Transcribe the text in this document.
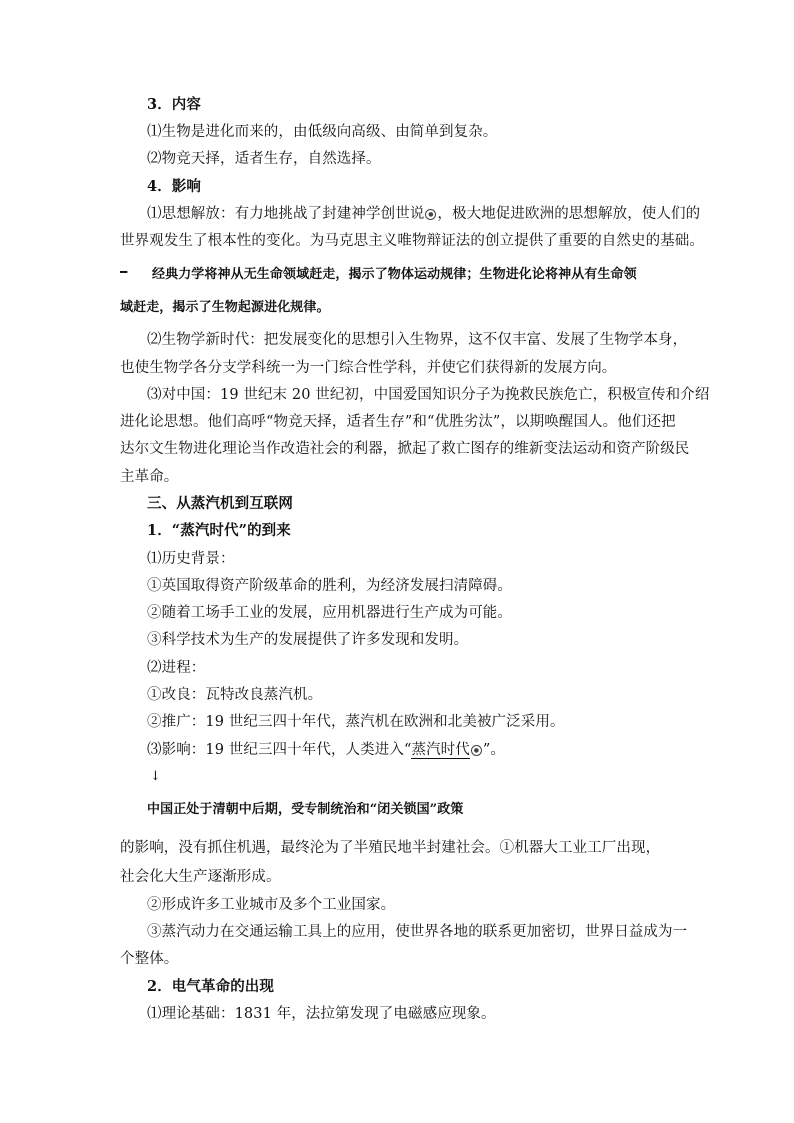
3．内容
⑴生物是进化而来的，由低级向高级、由简单到复杂。
⑵物竞天择，适者生存，自然选择。
4．影响
⑴思想解放：有力地挑战了封建神学创世说 ● ，极大地促进欧洲的思想解放，使人们的
世界观发生了根本性的变化。为马克思主义唯物辩证法的创立提供了重要的自然史的基础。
━ 经典力学将神从无生命领域赶走，揭示了物体运动规律；生物进化论将神从有生命领
域赶走，揭示了生物起源进化规律。
⑵生物学新时代：把发展变化的思想引入生物界，这不仅丰富、发展了生物学本身，
也使生物学各分支学科统一为一门综合性学科，并使它们获得新的发展方向。
⑶对中国：19 世纪末 20 世纪初，中国爱国知识分子为挽救民族危亡，积极宣传和介绍
进化论思想。他们高呼“物竞天择，适者生存”和“优胜劣汰”，以期唤醒国人。他们还把
达尔文生物进化理论当作改造社会的利器，掀起了救亡图存的维新变法运动和资产阶级民
主革命。
三、从蒸汽机到互联网
1．“蒸汽时代”的到来
⑴历史背景：
①英国取得资产阶级革命的胜利，为经济发展扫清障碍。
②随着工场手工业的发展，应用机器进行生产成为可能。
③科学技术为生产的发展提供了许多发现和发明。
⑵进程：
①改良：瓦特改良蒸汽机。
②推广：19 世纪三四十年代，蒸汽机在欧洲和北美被广泛采用。
⑶影响：19 世纪三四十年代，人类进入“蒸汽时代 ● ”。
↓
中国正处于清朝中后期，受专制统治和“闭关锁国”政策
的影响，没有抓住机遇，最终沦为了半殖民地半封建社会。①机器大工业工厂出现，
社会化大生产逐渐形成。
②形成许多工业城市及多个工业国家。
③蒸汽动力在交通运输工具上的应用，使世界各地的联系更加密切，世界日益成为一
个整体。
2．电气革命的出现
⑴理论基础：1831 年，法拉第发现了电磁感应现象。
